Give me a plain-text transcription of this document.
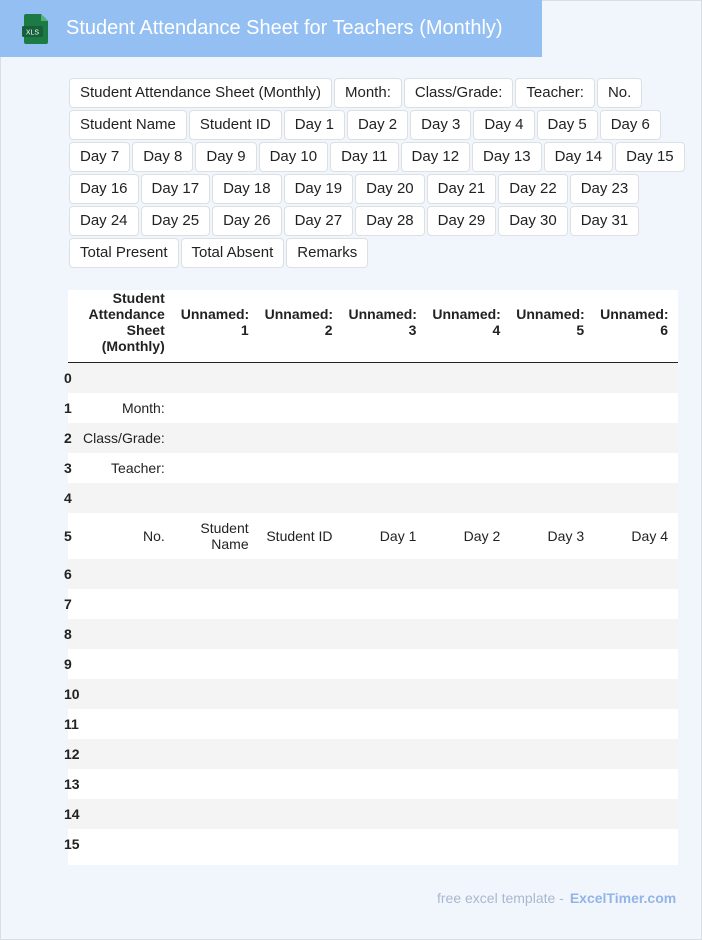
XLS Student Attendance Sheet for Teachers (Monthly)
Student Attendance Sheet (Monthly)	Month:	Class/Grade:	Teacher:	No.
Student Name	Student ID	Day 1	Day 2	Day 3	Day 4	Day 5	Day 6
Day 7	Day 8	Day 9	Day 10	Day 11	Day 12	Day 13	Day 14	Day 15
Day 16	Day 17	Day 18	Day 19	Day 20	Day 21	Day 22	Day 23
Day 24	Day 25	Day 26	Day 27	Day 28	Day 29	Day 30	Day 31
Total Present	Total Absent	Remarks
Student Attendance Sheet (Monthly)	Unnamed: 1	Unnamed: 2	Unnamed: 3	Unnamed: 4	Unnamed: 5	Unnamed: 6

0						

1 Month:						

2 Class/Grade:						

3 Teacher:						

4						

5 No.	Student Name	Student ID	Day 1	Day 2	Day 3	Day 4

6						

7						

8						

9						

10						

11						

12						

13						

14						

15						

free excel template - ExcelTimer.com
